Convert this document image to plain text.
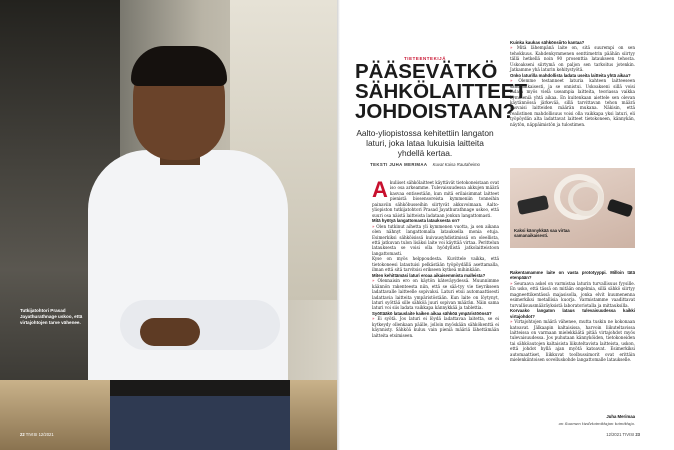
Tutkijatohtori Prasad Jayathurathnage uskoo, että virtajohtojen tarve vähenee.
22 TIVISI 12/2021
TIETEENTEKIJÄ
PÄÄSEVÄTKÖ SÄHKÖLAITTEET JOHDOISTAAN?
Aalto-yliopistossa kehitettiin langaton laturi, joka lataa lukuisia laitteita yhdellä kertaa.
TEKSTI JUHA MERIMAA Kuvat Kaisa Rautaheimo

Akuliiset sähkölaitteet käyttävät tietokoneistaan ovat iso osa arkeamme. Tulevaisuudessa akkujen määrä kasvaa entisestään, kun mitä erilaisimmat laitteet pienistä biosensoreista kymmeniin tonneihin painaviin sähköbusseihin siirtyvät akkuvoimaan. Aalto-yliopiston tutkijatohtori Prasad Jayathurathnage uskoo, että suuri osa näistä laitteista ladataan jonkun langattomasti.

Mitä hyötyä langattomasta latauksesta on?

» Olen tutkinut aihetta yli kymmenen vuotta, ja sen aikana olen nähnyt langattomalla latauksella monia etuja. Esimerkiksi sähköisissä kuivausyhdistimissä on oleellista, että jatkuvan tulon lisäksi laite voi käyttää virtaa. Perittelun latauksesta se voisi olla hyödyllistä jatkolaitteistoon langattomasti.

Kyse on myös helppoudesta. Kuvittele vaikka, että tietokoneesi latautuisi pelkästään työpöydällä asettamalla, ilman että sitä tarvitsisi erikseen kytkeä mihinkään.

Miten kehittämäsi laturi eroaa aikaisemmista malleista?

» Olennaisin ero on käytön käteväyydessä. Muunnimme käännön rakenteesta niin, että se sää-tyy vie tieyrikseen ladattavalle laitteelle sopivaksi. Laturi etsii automaattisesti ladattavia laitteita ympäristöstään. Kun laite on löytynyt, laturi syöttää sille sähköä juuri sopivan määrän. Näin sama laturi voi siis ladata vaikkapa kännykkää ja tablettia.

Syöttääkö latauslaite kaiken aikaa sähköä ympäristöönsä?

» Ei syötä. Jos laturi ei löydä ladattavaa laitetta, se ei kytkeydy ollenkaan päälle, jolloin myöskään sähkökenttä ei käynnisty. Sähköä kuluu vain pieniä määriä lähettämään laitteita etsimiseen.

Kuinka kaukas sähkönsiirto kantaa?

» Mitä lähempänä laite on, sitä suurempi on sen tehokkuus. Kahdenkymmenen senttimetrin päähän siirtyy tällä hetkellä noin 90 prosenttia lataukseen tehosta. Uskoakseni siirtymä on paljon sen tarkoitus jotenkin. Jatkamme yhä laturin kehitystyötä.

Onko laturilla mahdollista ladata useita laitteita yhtä aikaa?

» Olemme testanneet laturia kahteen laitteeseen samanaikaisesti, ja se onnistui. Uskoakseni sillä voisi ladata myös vielä useampia laitteita, teoriassa vaikka kymmeniä yhtä aikaa. En kuitenkaan aiettele sen olevan käytännössä järkevää, sillä tarvittavan tehon määrä kasvaisi laitteiden määrän mukana. Näkisin, että realistinen mahdollisuus voisi olla vaikkapa yksi laturi, eli työpöydän alta ladattavat laitteet tietokoneen, kännykän, näytön, näppäimistön ja tulostimen.

Kaksi kännykkää saa virtaa samanaikaisesti.

Rakentamamme laite on vasta prototyyppi. Milloin tätä etenpään?

» Seuraava askel on varmistaa laturin turvallisuus fyysille. En usko, että tässä on mitään ongelmia, sillä sähkö siirtyy magneettikentässä majasisolla, jonka elvit kuumenenna esimerkiksi metallisia kuorja. Varmistamme vaadittavat turvallisuusmääräyksistä laboratoriotalla ja mittauksilla.

Korvaako langaton lataus tulevaisuudessa kaikki virtajohdot?

» Virtajohtojen määrä vähenee, mutta tuskin ne kokonaan katoavat. Jälkaapin kaltaisissa, harvoin liikuteltavissa laitteissa on varmaan mielekkäätä pitää virtajohdot myös tulevaisuudessa. Jos puhutaan kännyköiden, tietokoneiden tai sähköautojen kaltaisista liikuteltavista laitteista, uskon, että johdot hyllä ajan myötä katoavat. Esimerkiksi automaattiset, liikkuvat toolbussimorit ovat erittäin mielenkiintoisen sovelluskohde langattomalle lataukselle.

Juha Merimaa
on Suomen tiedetoimittajan toimittaja.
12/2021 TIVISI 23
